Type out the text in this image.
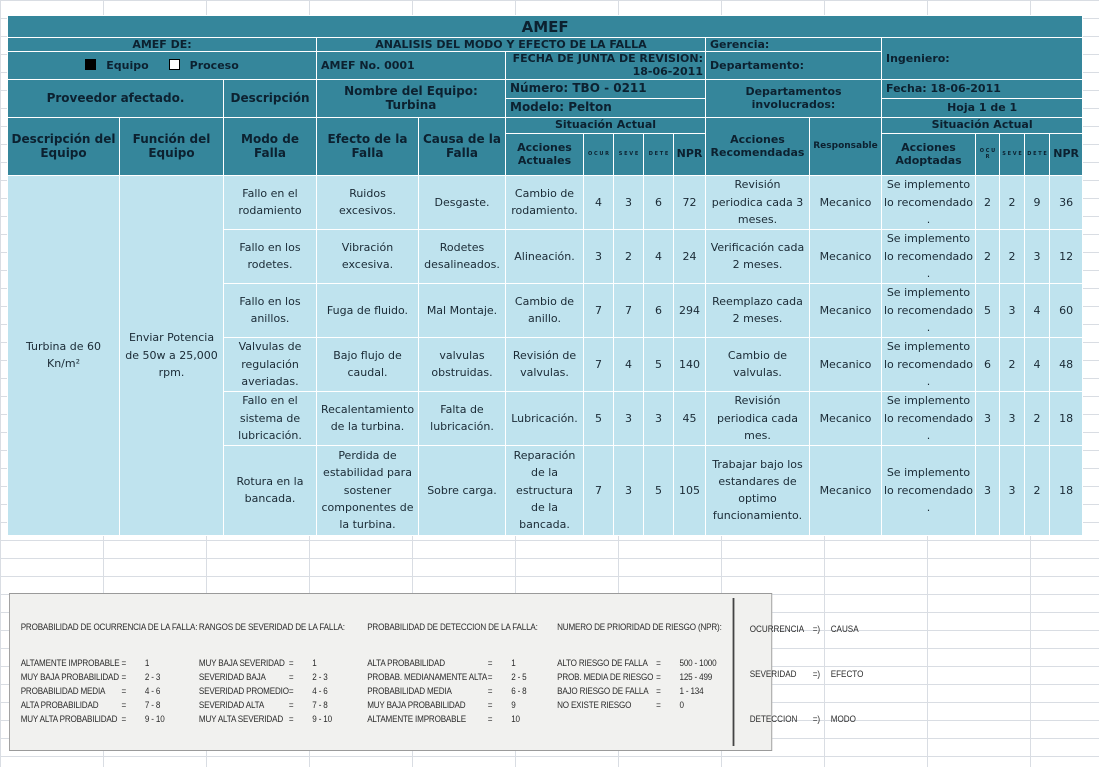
AMEF																
AMEF DE:			ANALISIS DEL MODO Y EFECTO DE LA FALLA							Gerencia:		Ingeniero:				
Equipo Proceso			AMEF No. 0001		FECHA DE JUNTA DE REVISION: 18-06-2011					Departamento:						
Proveedor afectado.		Descripción	Nombre del Equipo: Turbina		Número: TBO - 0211					Departamentos involucrados:		Fecha: 18-06-2011				
					Modelo: Pelton							Hoja 1 de 1				
Descripción del Equipo	Función del Equipo	Modo de Falla	Efecto de la Falla	Causa de la Falla	Situación Actual					Acciones Recomendadas	Responsable	Situación Actual				
					Acciones Actuales	O C U R	S E V E	D E T E	NPR			Acciones Adoptadas	O C U R	S E V E	D E T E	NPR
Turbina de 60 Kn/m²	Enviar Potencia de 50w a 25,000 rpm.	Fallo en el rodamiento	Ruidos excesivos.	Desgaste.	Cambio de rodamiento.	4	3	6	72	Revisión periodica cada 3 meses.	Mecanico	Se implemento lo recomendado .	2	2	9	36
		Fallo en los rodetes.	Vibración excesiva.	Rodetes desalineados.	Alineación.	3	2	4	24	Verificación cada 2 meses.	Mecanico	Se implemento lo recomendado .	2	2	3	12
		Fallo en los anillos.	Fuga de fluido.	Mal Montaje.	Cambio de anillo.	7	7	6	294	Reemplazo cada 2 meses.	Mecanico	Se implemento lo recomendado .	5	3	4	60
		Valvulas de regulación averiadas.	Bajo flujo de caudal.	valvulas obstruidas.	Revisión de valvulas.	7	4	5	140	Cambio de valvulas.	Mecanico	Se implemento lo recomendado .	6	2	4	48
		Fallo en el sistema de lubricación.	Recalentamiento de la turbina.	Falta de lubricación.	Lubricación.	5	3	3	45	Revisión periodica cada mes.	Mecanico	Se implemento lo recomendado .	3	3	2	18
		Rotura en la bancada.	Perdida de estabilidad para sostener componentes de la turbina.	Sobre carga.	Reparación de la estructura de la bancada.	7	3	5	105	Trabajar bajo los estandares de optimo funcionamiento.	Mecanico	Se implemento lo recomendado .	3	3	2	18
PROBABILIDAD DE OCURRENCIA DE LA FALLA:
ALTAMENTE IMPROBABLE = 1
MUY BAJA PROBABILIDAD = 2 - 3
PROBABILIDAD MEDIA = 4 - 6
ALTA PROBABILIDAD	= 7 - 8
MUY ALTA PROBABILIDAD = 9 - 10
RANGOS DE SEVERIDAD DE LA FALLA:
MUY BAJA SEVERIDAD = 1
SEVERIDAD BAJA	= 2 - 3
SEVERIDAD PROMEDIO= 4 - 6
SEVERIDAD ALTA	= 7 - 8
MUY ALTA SEVERIDAD = 9 - 10
PROBABILIDAD DE DETECCION DE LA FALLA:
ALTA PROBABILIDAD	= 1
PROBAB. MEDIANAMENTE ALTA= 2 - 5
PROBABILIDAD MEDIA	= 6 - 8
MUY BAJA PROBABILIDAD = 9
ALTAMENTE IMPROBABLE = 10
NUMERO DE PRIORIDAD DE RIESGO (NPR):
ALTO RIESGO DE FALLA = 500 - 1000
PROB. MEDIA DE RIESGO = 125 - 499
BAJO RIESGO DE FALLA = 1 - 134
NO EXISTE RIESGO	= 0
OCURRENCIA =) CAUSA
SEVERIDAD =) EFECTO
DETECCION =) MODO
